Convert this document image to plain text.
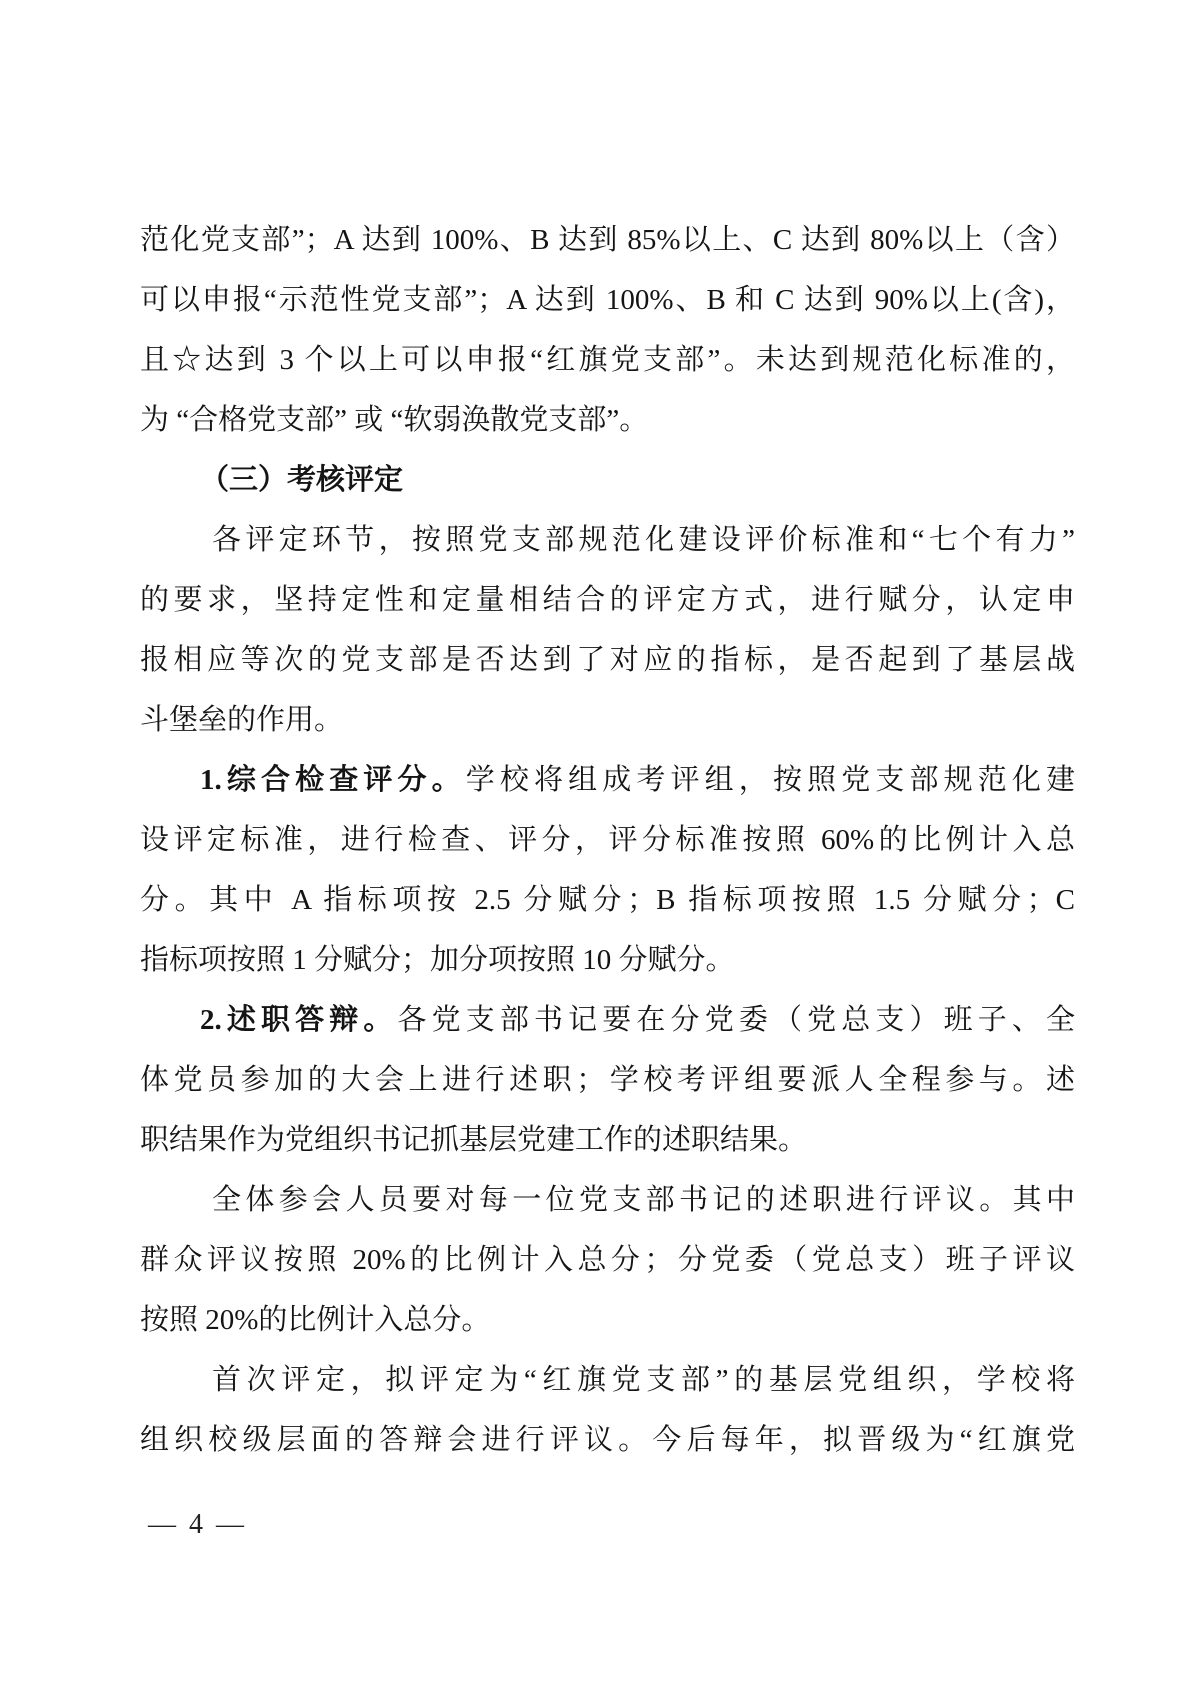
范化党支部”；A 达到 100%、B 达到 85%以上、C 达到 80%以上（含）
可以申报“示范性党支部”；A 达到 100%、B 和 C 达到 90%以上(含)，
且☆达到 3 个以上可以申报“红旗党支部”。未达到规范化标准的，
为 “合格党支部” 或 “软弱涣散党支部”。
（三）考核评定
各评定环节，按照党支部规范化建设评价标准和“七个有力”
的要求，坚持定性和定量相结合的评定方式，进行赋分，认定申
报相应等次的党支部是否达到了对应的指标，是否起到了基层战
斗堡垒的作用。
1.综合检查评分。学校将组成考评组，按照党支部规范化建
设评定标准，进行检查、评分，评分标准按照 60%的比例计入总
分。其中 A 指标项按 2.5 分赋分；B 指标项按照 1.5 分赋分；C
指标项按照 1 分赋分；加分项按照 10 分赋分。
2.述职答辩。各党支部书记要在分党委（党总支）班子、全
体党员参加的大会上进行述职；学校考评组要派人全程参与。述
职结果作为党组织书记抓基层党建工作的述职结果。
全体参会人员要对每一位党支部书记的述职进行评议。其中
群众评议按照 20%的比例计入总分；分党委（党总支）班子评议
按照 20%的比例计入总分。
首次评定，拟评定为“红旗党支部”的基层党组织，学校将
组织校级层面的答辩会进行评议。今后每年，拟晋级为“红旗党
— 4 —
